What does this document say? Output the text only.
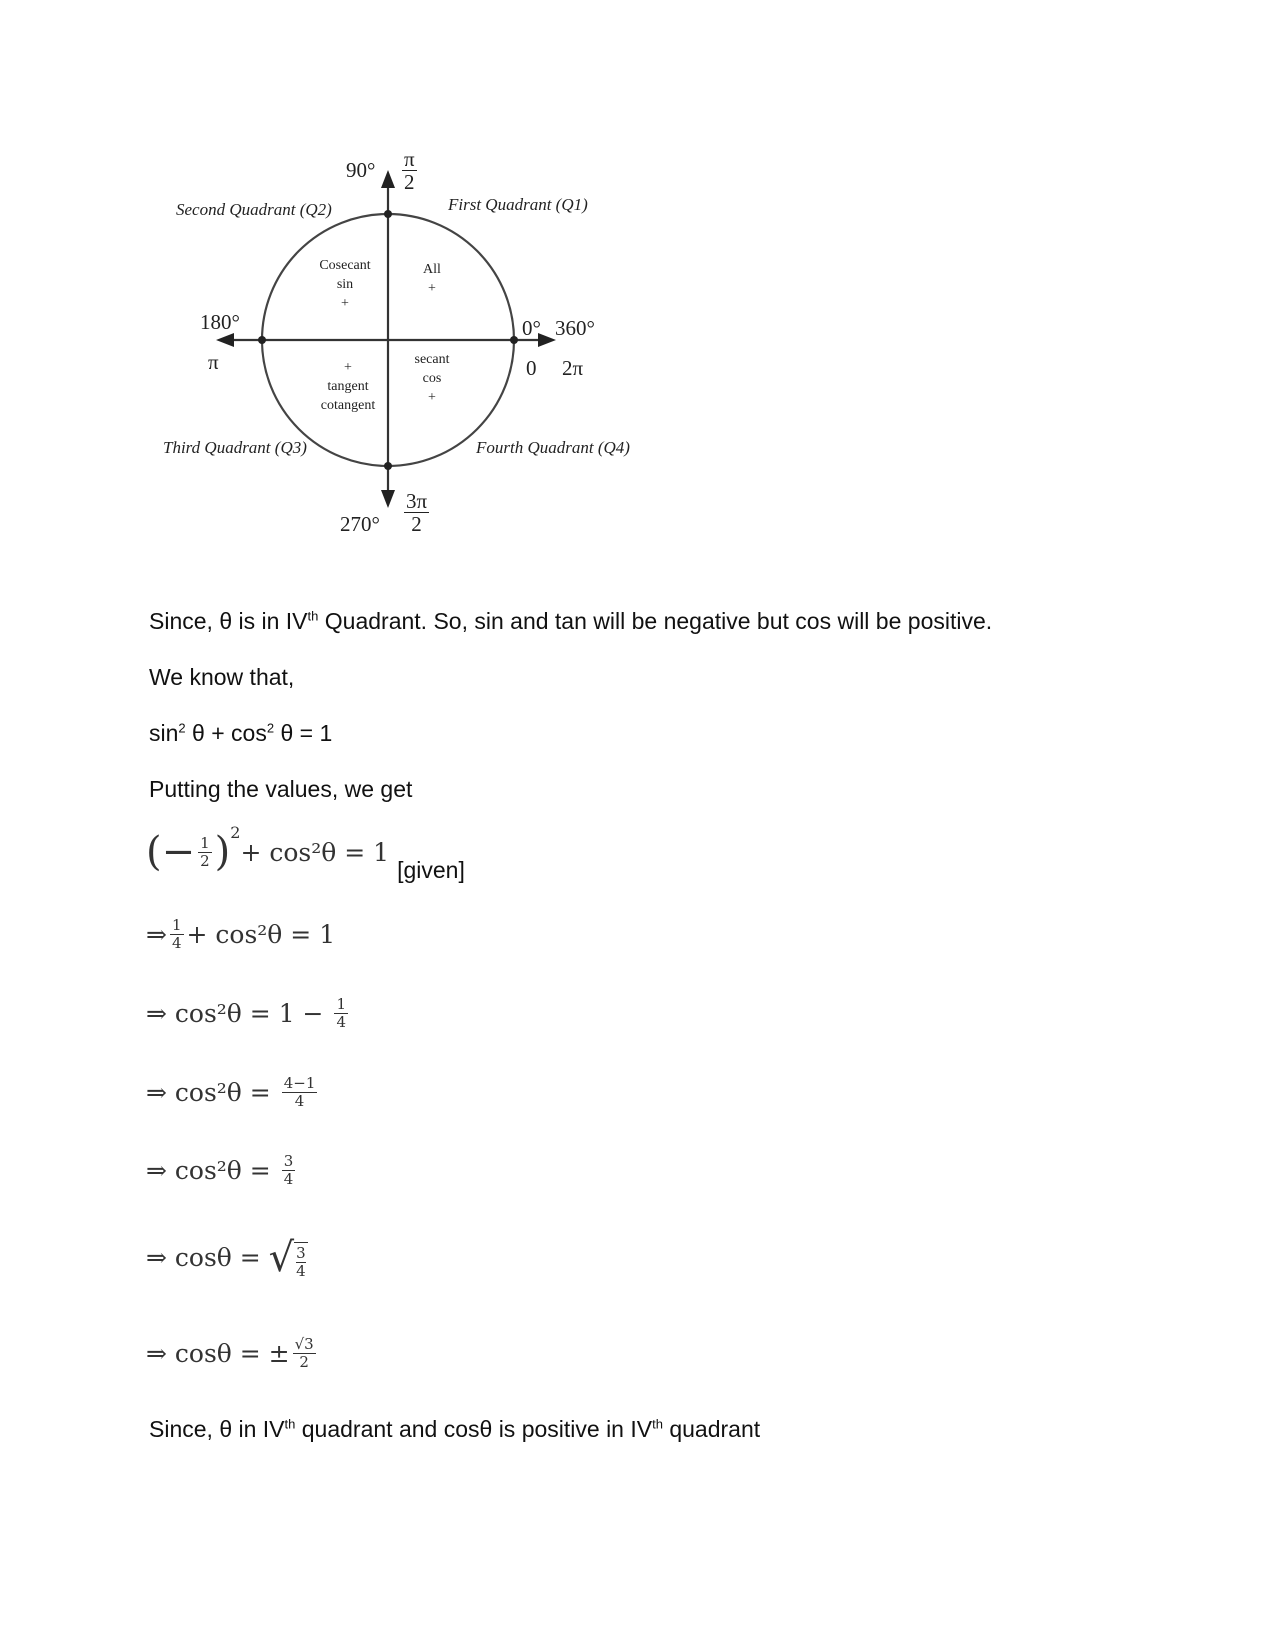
$90^\circ \frac{\pi}{2}$
Second Quadrant (Q2)	First Quadrant (Q1)
Third Quadrant (Q3)	Fourth Quadrant (Q4)
180°
π
0° 360°
0 2π
$270^\circ \frac{3\pi}{2}$
Cosecant
sin
+
All
+
+
tangent
cotangent
secant
cos
+
Since, θ is in IVth Quadrant. So, sin and tan will be negative but cos will be positive.
We know that,
$\sin^2 \theta + \cos^2 \theta = 1$
Putting the values, we get
(− $\frac{1}{2}$ ) 2
+ cos²θ = 1
[given]
⇒ $\frac{1}{4} + \cos^2\theta = 1$
⇒ $\cos^2\theta = 1 - \frac{1}{4}$
⇒ $\cos^2\theta = \frac{4-1}{4}$
⇒ $\cos^2\theta = \frac{3}{4}$
⇒ cosθ = √ $\frac{3}{4}$
⇒ cosθ = ± $\frac{√3}{2}$
Since, θ in IVth quadrant and cosθ is positive in IVth quadrant
